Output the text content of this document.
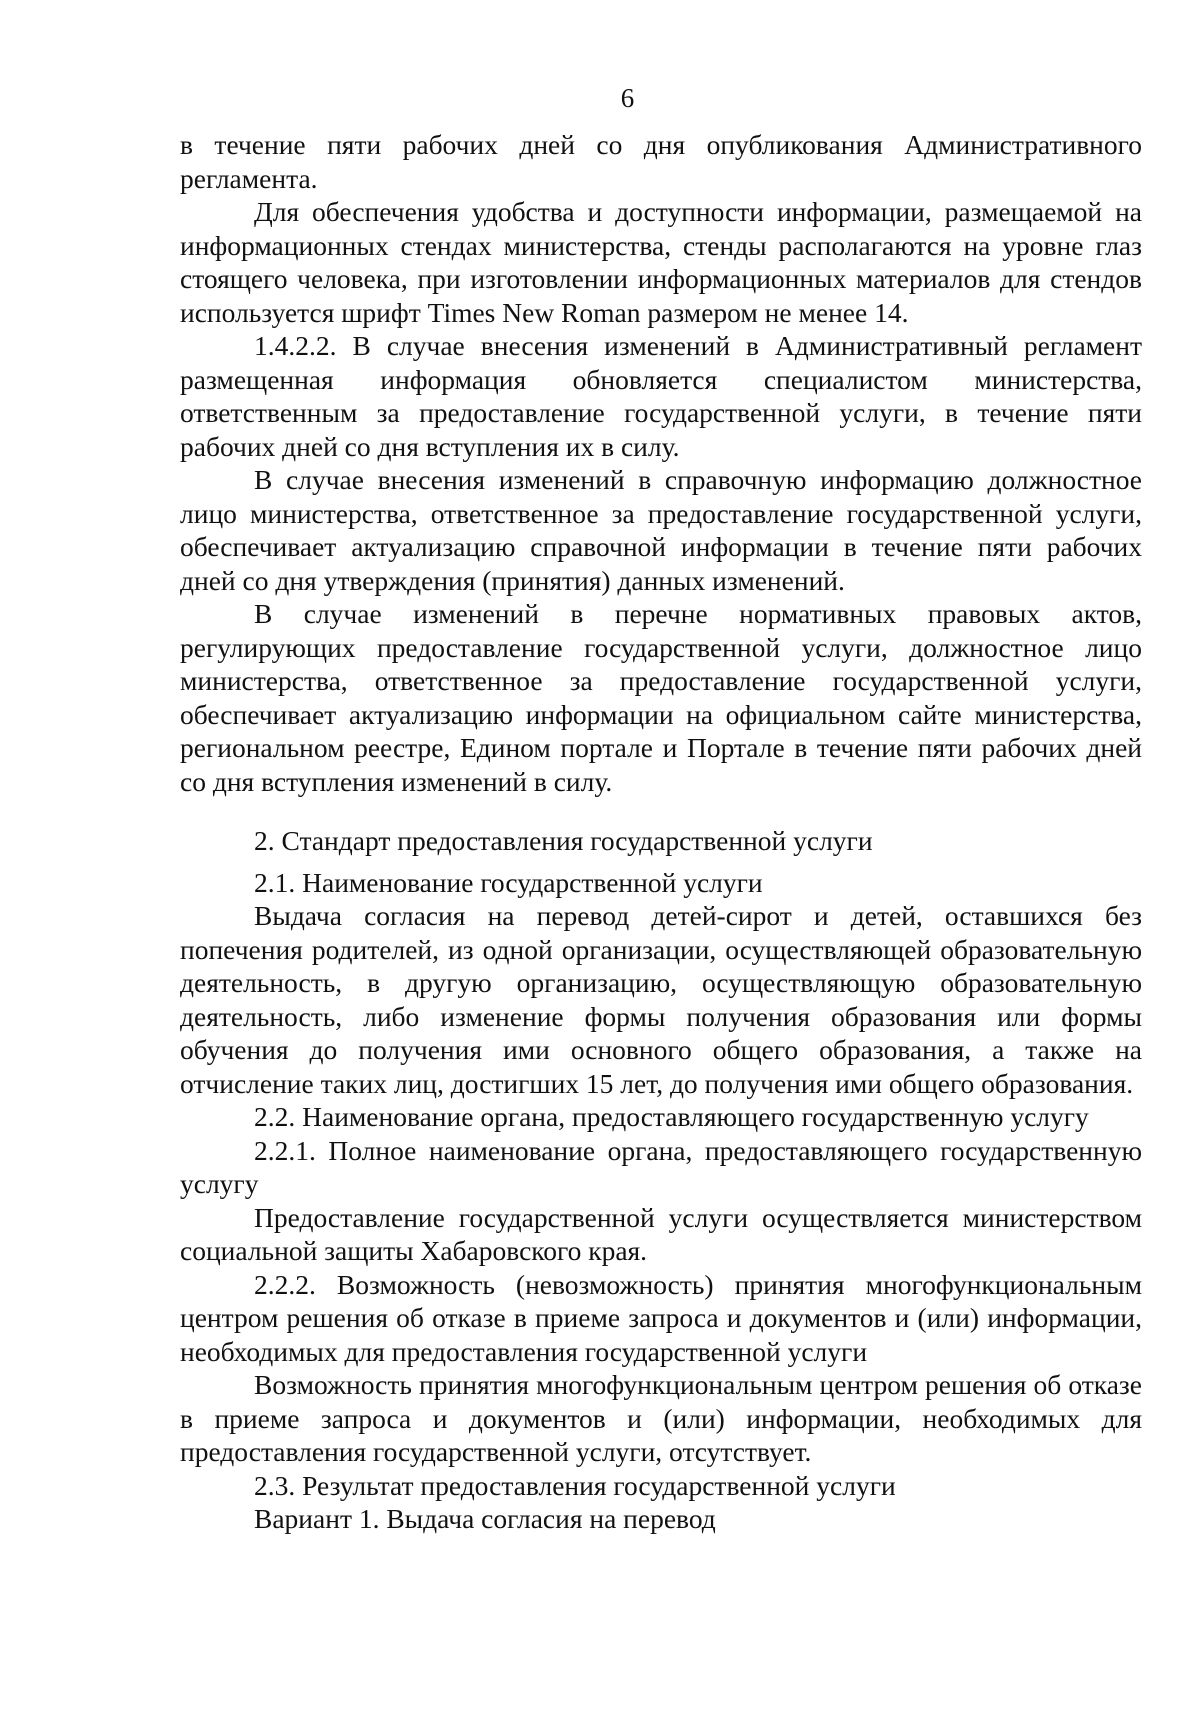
6

в течение пяти рабочих дней со дня опубликования Административного регламента.

Для обеспечения удобства и доступности информации, размещаемой на информационных стендах министерства, стенды располагаются на уровне глаз стоящего человека, при изготовлении информационных материалов для стендов используется шрифт Times New Roman размером не менее 14.

1.4.2.2. В случае внесения изменений в Административный регламент размещенная информация обновляется специалистом министерства, ответственным за предоставление государственной услуги, в течение пяти рабочих дней со дня вступления их в силу.

В случае внесения изменений в справочную информацию должностное лицо министерства, ответственное за предоставление государственной услуги, обеспечивает актуализацию справочной информации в течение пяти рабочих дней со дня утверждения (принятия) данных изменений.

В случае изменений в перечне нормативных правовых актов, регулирующих предоставление государственной услуги, должностное лицо министерства, ответственное за предоставление государственной услуги, обеспечивает актуализацию информации на официальном сайте министерства, региональном реестре, Едином портале и Портале в течение пяти рабочих дней со дня вступления изменений в силу.

2. Стандарт предоставления государственной услуги

2.1. Наименование государственной услуги

Выдача согласия на перевод детей-сирот и детей, оставшихся без попечения родителей, из одной организации, осуществляющей образовательную деятельность, в другую организацию, осуществляющую образовательную деятельность, либо изменение формы получения образования или формы обучения до получения ими основного общего образования, а также на отчисление таких лиц, достигших 15 лет, до получения ими общего образования.

2.2. Наименование органа, предоставляющего государственную услугу

2.2.1. Полное наименование органа, предоставляющего государственную услугу

Предоставление государственной услуги осуществляется министерством социальной защиты Хабаровского края.

2.2.2. Возможность (невозможность) принятия многофункциональным центром решения об отказе в приеме запроса и документов и (или) информации, необходимых для предоставления государственной услуги

Возможность принятия многофункциональным центром решения об отказе в приеме запроса и документов и (или) информации, необходимых для предоставления государственной услуги, отсутствует.

2.3. Результат предоставления государственной услуги

Вариант 1. Выдача согласия на перевод
